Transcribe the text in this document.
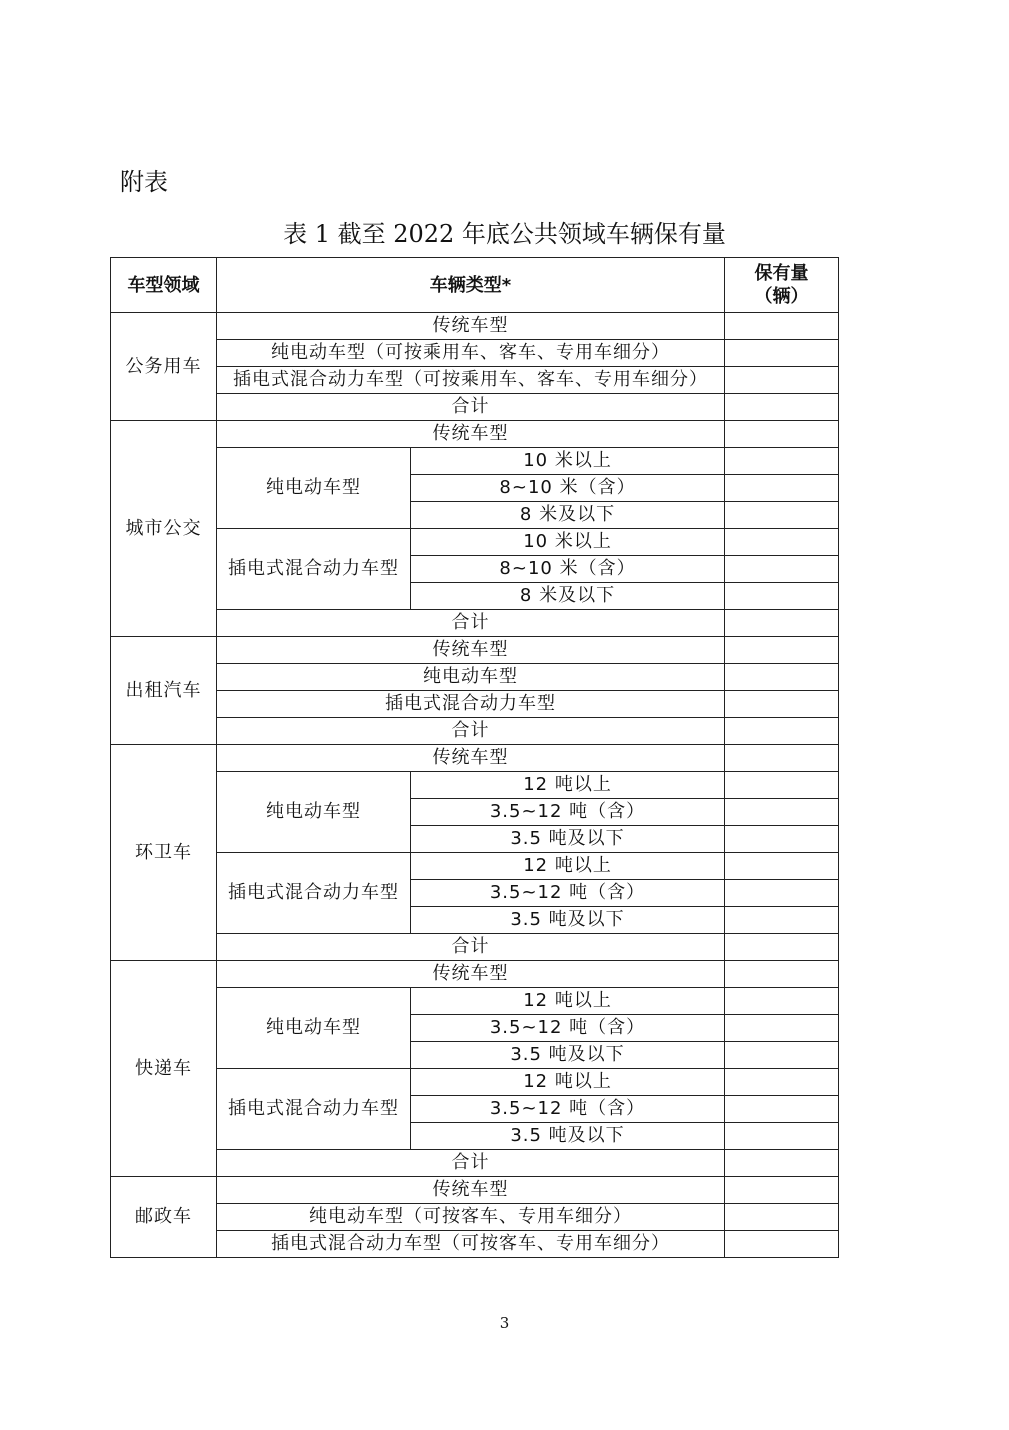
附表
表 1 截至 2022 年底公共领域车辆保有量
车型领域	车辆类型*		保有量
（辆）
公务用车	传统车型		
	纯电动车型（可按乘用车、客车、专用车细分）		
	插电式混合动力车型（可按乘用车、客车、专用车细分）		
	合计		
城市公交	传统车型		
	纯电动车型	10 米以上	
		8~10 米（含）	
		8 米及以下	
	插电式混合动力车型	10 米以上	
		8~10 米（含）	
		8 米及以下	
	合计		
出租汽车	传统车型		
	纯电动车型		
	插电式混合动力车型		
	合计		
环卫车	传统车型		
	纯电动车型	12 吨以上	
		3.5~12 吨（含）	
		3.5 吨及以下	
	插电式混合动力车型	12 吨以上	
		3.5~12 吨（含）	
		3.5 吨及以下	
	合计		
快递车	传统车型		
	纯电动车型	12 吨以上	
		3.5~12 吨（含）	
		3.5 吨及以下	
	插电式混合动力车型	12 吨以上	
		3.5~12 吨（含）	
		3.5 吨及以下	
	合计		
邮政车	传统车型		
	纯电动车型（可按客车、专用车细分）		
	插电式混合动力车型（可按客车、专用车细分）		
3
